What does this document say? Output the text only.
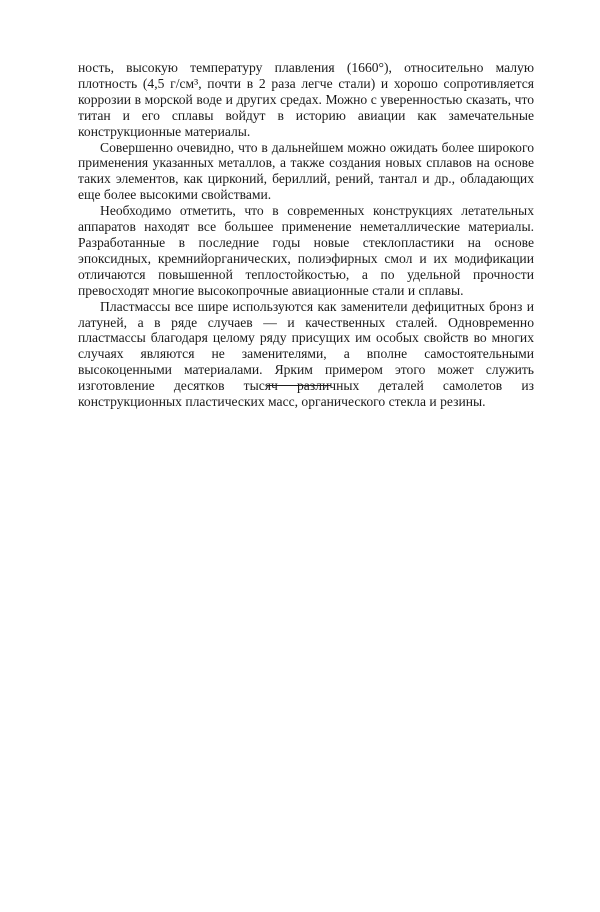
ность, высокую температуру плавления (1660°), относительно малую плотность (4,5 г/см³, почти в 2 раза легче стали) и хорошо сопротивляется коррозии в морской воде и других средах. Можно с уверенностью сказать, что титан и его сплавы войдут в историю авиации как замечательные конструкционные материалы.

Совершенно очевидно, что в дальнейшем можно ожидать более широкого применения указанных металлов, а также создания новых сплавов на основе таких элементов, как цирконий, бериллий, рений, тантал и др., обладающих еще более высокими свойствами.

Необходимо отметить, что в современных конструкциях летательных аппаратов находят все большее применение неметаллические материалы. Разработанные в последние годы новые стеклопластики на основе эпоксидных, кремнийорганических, полиэфирных смол и их модификации отличаются повышенной теплостойкостью, а по удельной прочности превосходят многие высокопрочные авиационные стали и сплавы.

Пластмассы все шире используются как заменители дефицитных бронз и латуней, а в ряде случаев — и качественных сталей. Одновременно пластмассы благодаря целому ряду присущих им особых свойств во многих случаях являются не заменителями, а вполне самостоятельными высокоценными материалами. Ярким примером этого может служить изготовление десятков тысяч различных деталей самолетов из конструкционных пластических масс, органического стекла и резины.
